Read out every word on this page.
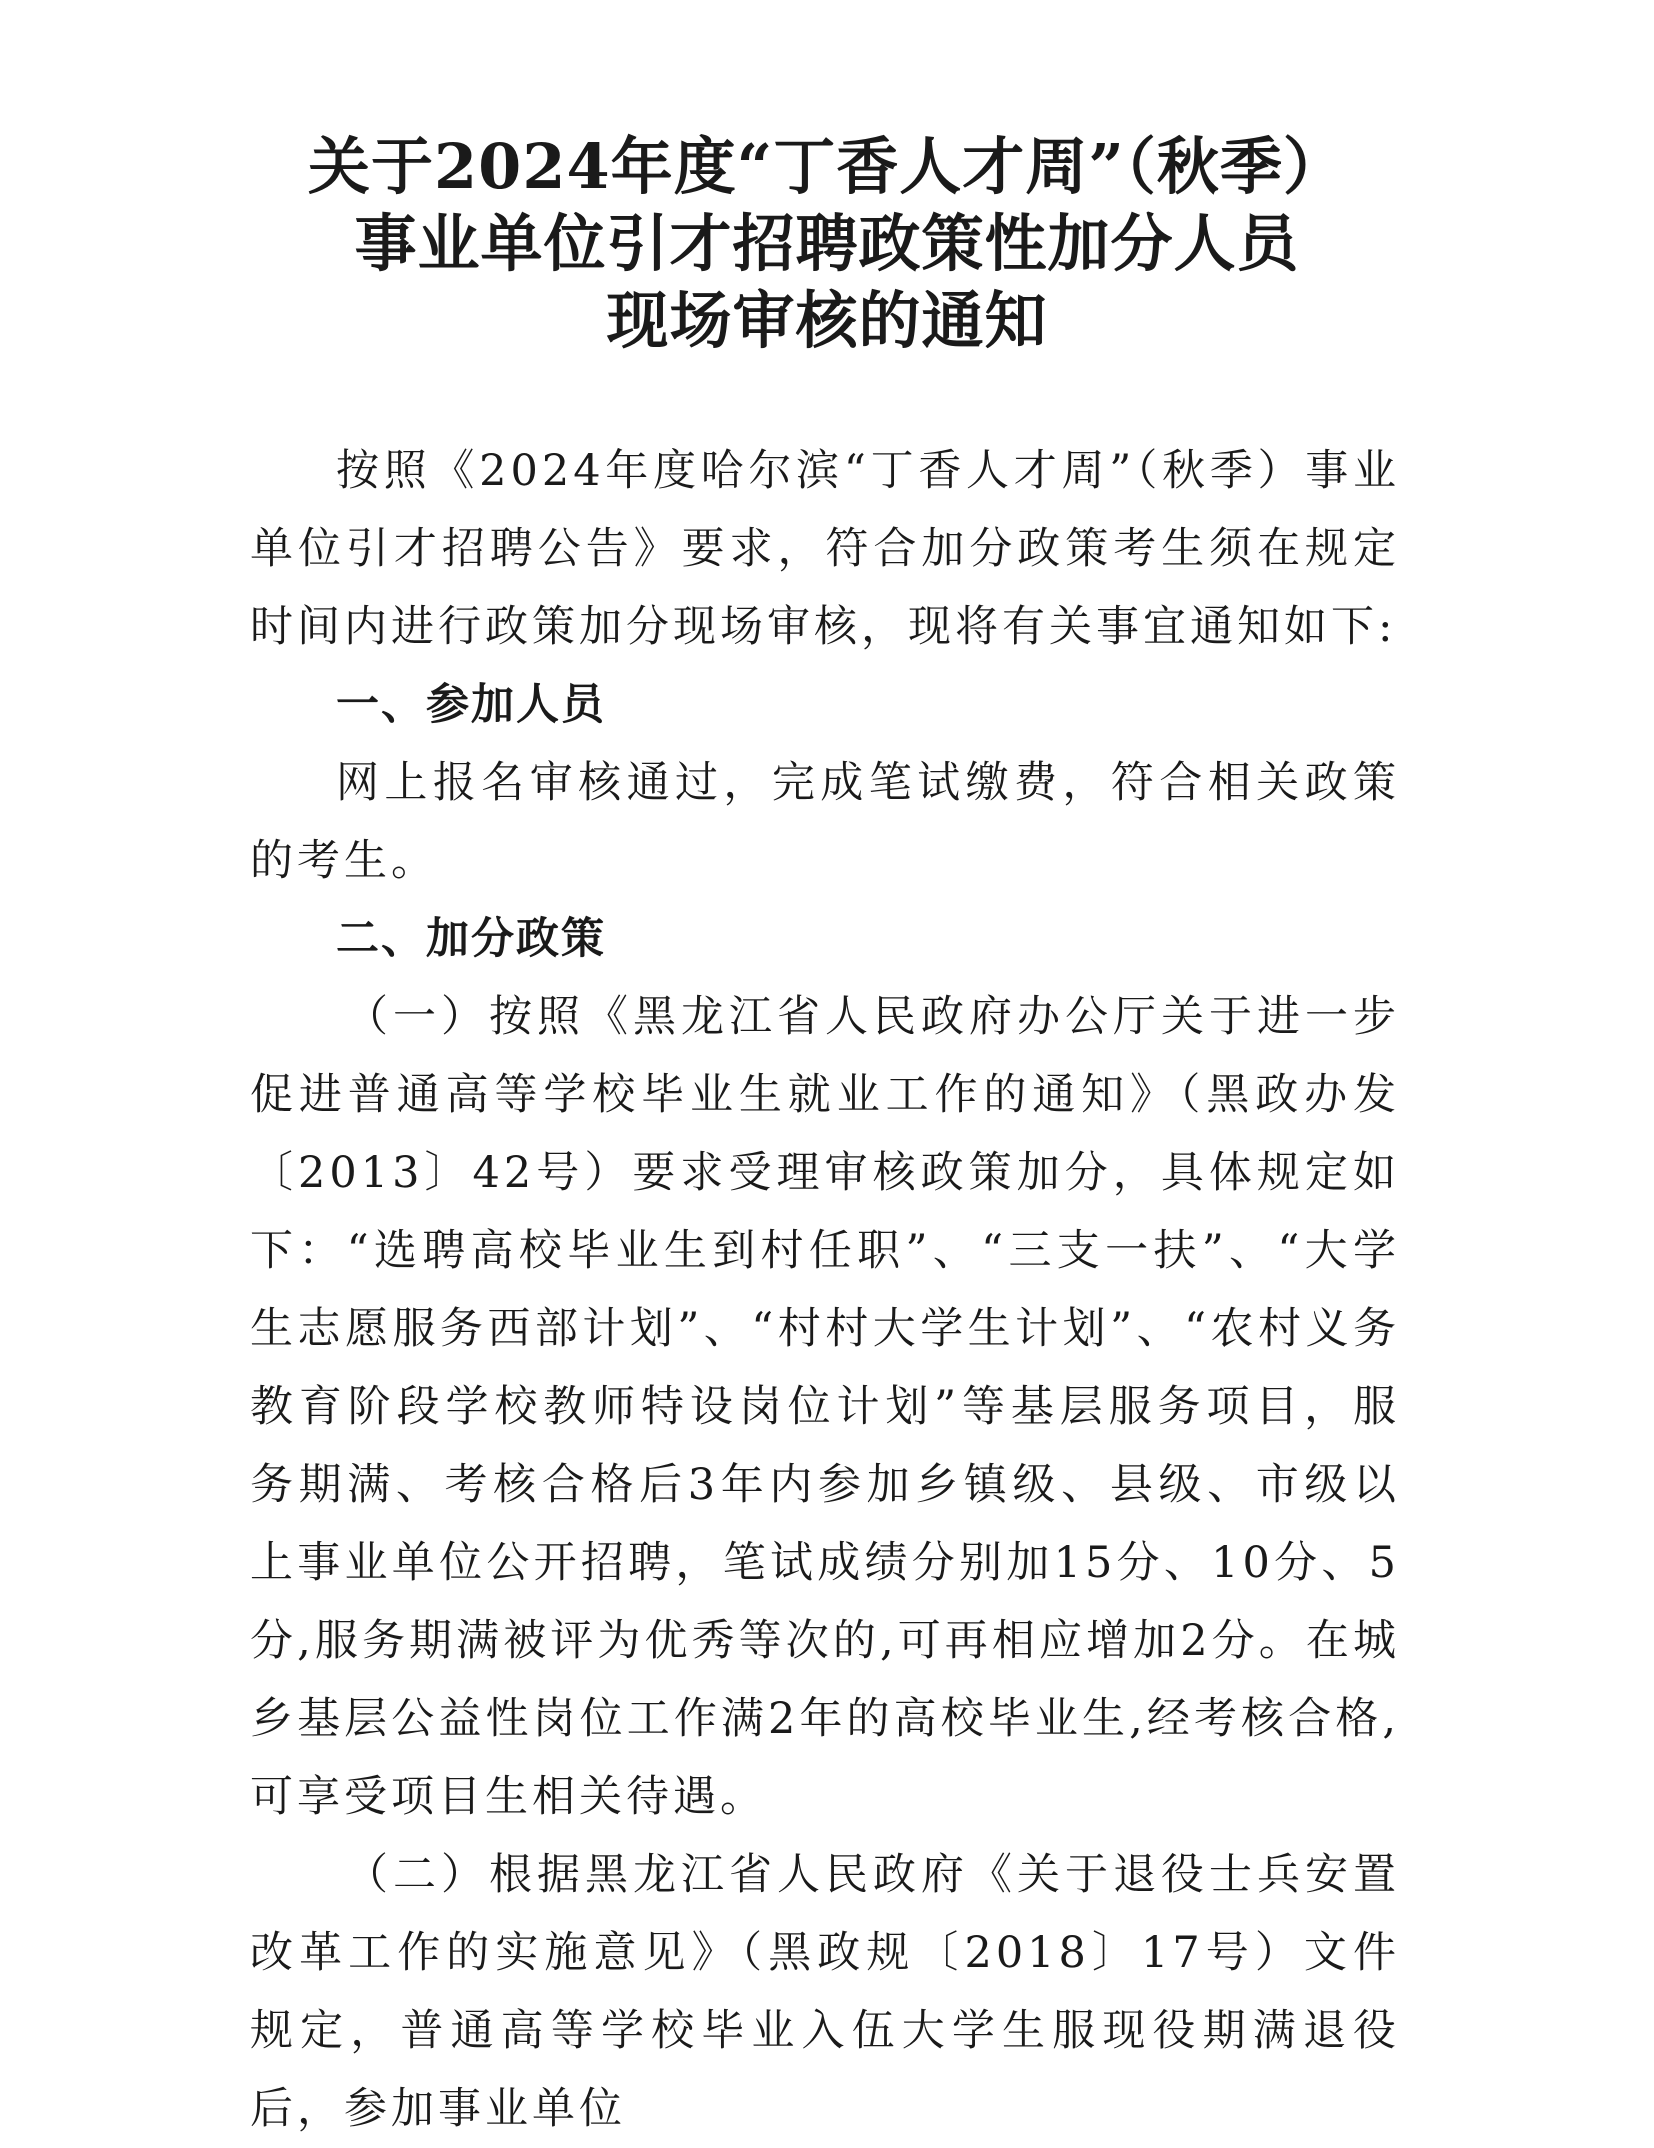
关于2024年度“丁香人才周”（秋季）
事业单位引才招聘政策性加分人员
现场审核的通知

按照《2024年度哈尔滨“丁香人才周”（秋季）事业单位引才招聘公告》要求，符合加分政策考生须在规定时间内进行政策加分现场审核，现将有关事宜通知如下:

一、参加人员

网上报名审核通过，完成笔试缴费，符合相关政策的考生。

二、加分政策

（一）按照《黑龙江省人民政府办公厅关于进一步促进普通高等学校毕业生就业工作的通知》（黑政办发〔2013〕42号）要求受理审核政策加分，具体规定如下：“选聘高校毕业生到村任职”、“三支一扶”、“大学生志愿服务西部计划”、“村村大学生计划”、“农村义务教育阶段学校教师特设岗位计划”等基层服务项目，服务期满、考核合格后3年内参加乡镇级、县级、市级以上事业单位公开招聘，笔试成绩分别加15分、10分、5分,服务期满被评为优秀等次的,可再相应增加2分。在城乡基层公益性岗位工作满2年的高校毕业生,经考核合格,可享受项目生相关待遇。

（二）根据黑龙江省人民政府《关于退役士兵安置改革工作的实施意见》（黑政规〔2018〕17号）文件规定，普通高等学校毕业入伍大学生服现役期满退役后，参加事业单位
